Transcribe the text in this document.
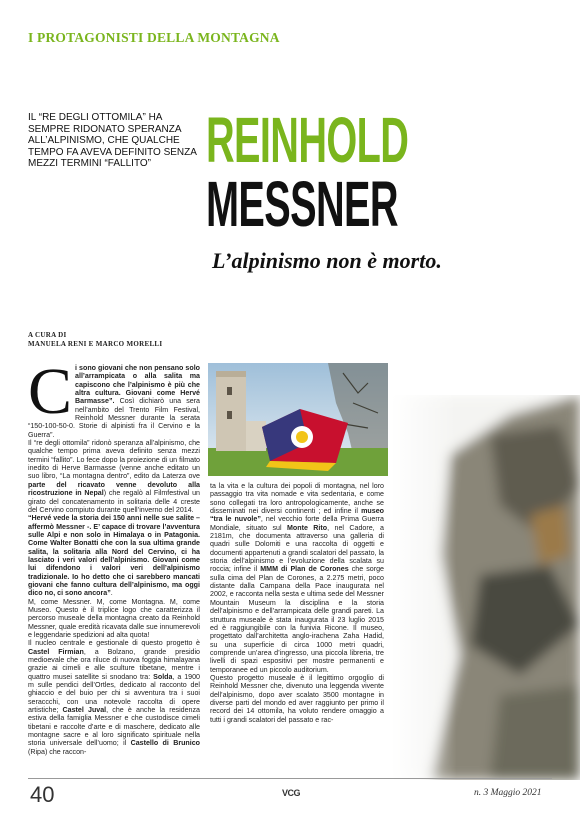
I PROTAGONISTI DELLA MONTAGNA
IL “RE DEGLI OTTOMILA” HA SEMPRE RIDONATO SPERANZA ALL’ALPINISMO, CHE QUALCHE TEMPO FA AVEVA DEFINITO SENZA MEZZI TERMINI “FALLITO” REINHOLD
MESSNER
L’alpinismo non è morto.
A CURA DI
MANUELA RENI E MARCO MORELLI
C i sono giovani che non pensano solo all’arrampicata o alla salita ma capiscono che l’alpinismo è più che altra cultura. Giovani come Hervé Barmasse”. Così dichiarò una sera nell’ambito del Trento Film Festival, Reinhold Messner durante la serata “150-100-50-0. Storie di alpinisti fra il Cervino e la Guerra”.

Il “re degli ottomila” ridonò speranza all’alpinismo, che qualche tempo prima aveva definito senza mezzi termini “fallito”. Lo fece dopo la proiezione di un filmato inedito di Herve Barmasse (venne anche editato un suo libro, “La montagna dentro”, edito da Laterza ove parte del ricavato venne devoluto alla ricostruzione in Nepal) che regalò al Filmfestival un girato del concatenamento in solitaria delle 4 creste del Cervino compiuto durante quell’inverno del 2014.

“Hervé vede la storia dei 150 anni nelle sue salite – affermò Messner -. E’ capace di trovare l’avventura sulle Alpi e non solo in Himalaya o in Patagonia. Come Walter Bonatti che con la sua ultima grande salita, la solitaria alla Nord del Cervino, ci ha lasciato i veri valori dell’alpinismo. Giovani come lui difendono i valori veri dell’alpinismo tradizionale. Io ho detto che ci sarebbero mancati giovani che fanno cultura dell’alpinismo, ma oggi dico no, ci sono ancora”.

M, come Messner. M, come Montagna. M, come Museo. Questo è il triplice logo che caratterizza il percorso museale della montagna creato da Reinhold Messner, quale eredità ricavata dalle sue innumerevoli e leggendarie spedizioni ad alta quota!

Il nucleo centrale e gestionale di questo progetto è Castel Firmian, a Bolzano, grande presidio medioevale che ora riluce di nuova foggia himalayana grazie ai cimeli e alle sculture tibetane, mentre i quattro musei satellite si snodano tra: Solda, a 1900 m sulle pendici dell’Ortles, dedicato al racconto del ghiaccio e del buio per chi si avventura tra i suoi seraccchi, con una notevole raccolta di opere artistiche; Castel Juval, che è anche la residenza estiva della famiglia Messner e che custodisce cimeli tibetani e raccolte d’arte e di maschere, dedicato alle montagne sacre e al loro significato spirituale nella storia universale dell’uomo; il Castello di Brunico (Ripa) che raccon-

ta la vita e la cultura dei popoli di montagna, nel loro passaggio tra vita nomade e vita sedentaria, e come sono collegati tra loro antropologicamente, anche se disseminati nei diversi continenti ; ed infine il museo “tra le nuvole”, nel vecchio forte della Prima Guerra Mondiale, situato sul Monte Rito, nel Cadore, a 2181m, che documenta attraverso una galleria di quadri sulle Dolomiti e una raccolta di oggetti e documenti appartenuti a grandi scalatori del passato, la storia dell’alpinismo e l’evoluzione della scalata su roccia; infine il MMM di Plan de Corones che sorge sulla cima del Plan de Corones, a 2.275 metri, poco distante dalla Campana della Pace inaugurata nel 2002, e racconta nella sesta e ultima sede del Messner Mountain Museum la disciplina e la storia dell’alpinismo e dell’arrampicata delle grandi pareti. La struttura museale è stata inaugurata il 23 luglio 2015 ed è raggiungibile con la funivia Ricone. Il museo, progettato dall’architetta anglo-irachena Zaha Hadid, su una superficie di circa 1000 metri quadri, comprende un’area d’ingresso, una piccola libreria, tre livelli di spazi espositivi per mostre permanenti e temporanee ed un piccolo auditorium.

Questo progetto museale è il legittimo orgoglio di Reinhold Messner che, divenuto una leggenda vivente dell’alpinismo, dopo aver scalato 3500 montagne in diverse parti del mondo ed aver raggiunto per primo il record dei 14 ottomila, ha voluto rendere omaggio a tutti i grandi scalatori del passato e rac-

40	VCG	n. 3 Maggio 2021
